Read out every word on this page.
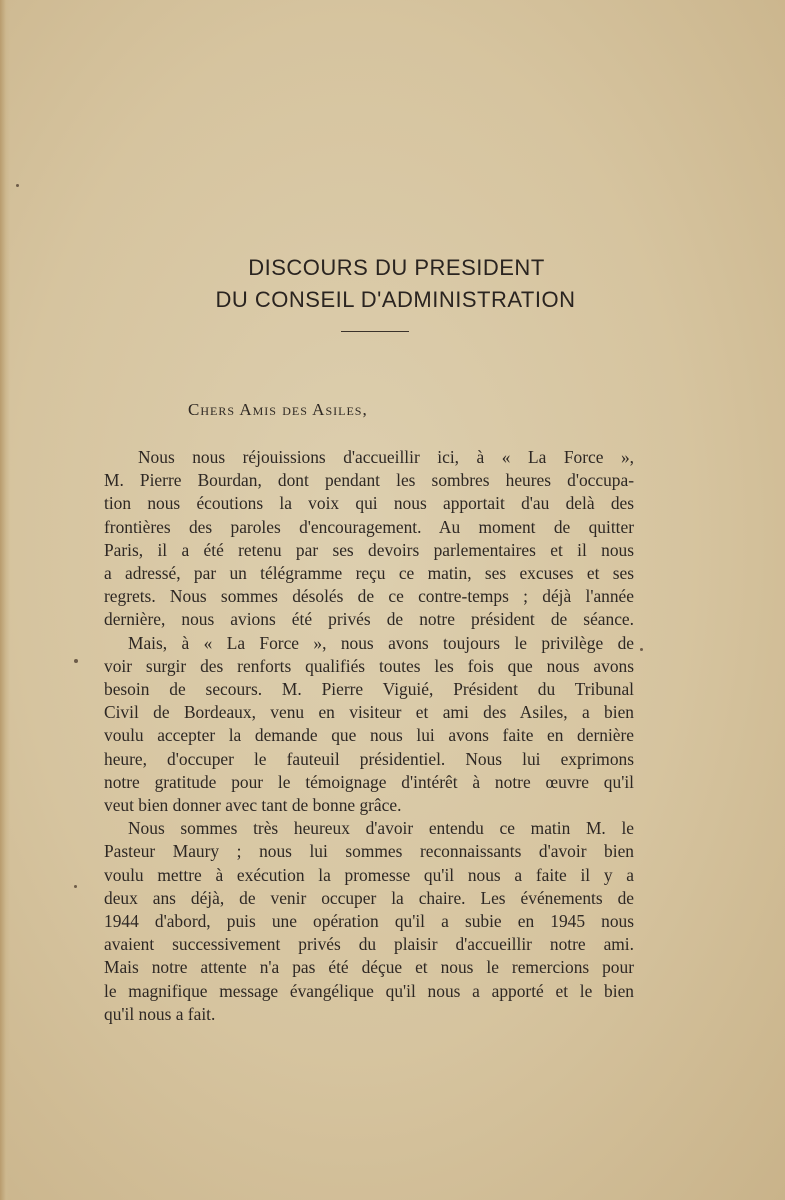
DISCOURS DU PRESIDENT
DU CONSEIL D'ADMINISTRATION
Chers Amis des Asiles,
Nous nous réjouissions d'accueillir ici, à « La Force »,
M. Pierre Bourdan, dont pendant les sombres heures d'occupa-
tion nous écoutions la voix qui nous apportait d'au delà des
frontières des paroles d'encouragement. Au moment de quitter
Paris, il a été retenu par ses devoirs parlementaires et il nous
a adressé, par un télégramme reçu ce matin, ses excuses et ses
regrets. Nous sommes désolés de ce contre-temps ; déjà l'année
dernière, nous avions été privés de notre président de séance.
Mais, à « La Force », nous avons toujours le privilège de
voir surgir des renforts qualifiés toutes les fois que nous avons
besoin de secours. M. Pierre Viguié, Président du Tribunal
Civil de Bordeaux, venu en visiteur et ami des Asiles, a bien
voulu accepter la demande que nous lui avons faite en dernière
heure, d'occuper le fauteuil présidentiel. Nous lui exprimons
notre gratitude pour le témoignage d'intérêt à notre œuvre qu'il
veut bien donner avec tant de bonne grâce.
Nous sommes très heureux d'avoir entendu ce matin M. le
Pasteur Maury ; nous lui sommes reconnaissants d'avoir bien
voulu mettre à exécution la promesse qu'il nous a faite il y a
deux ans déjà, de venir occuper la chaire. Les événements de
1944 d'abord, puis une opération qu'il a subie en 1945 nous
avaient successivement privés du plaisir d'accueillir notre ami.
Mais notre attente n'a pas été déçue et nous le remercions pour
le magnifique message évangélique qu'il nous a apporté et le bien
qu'il nous a fait.
